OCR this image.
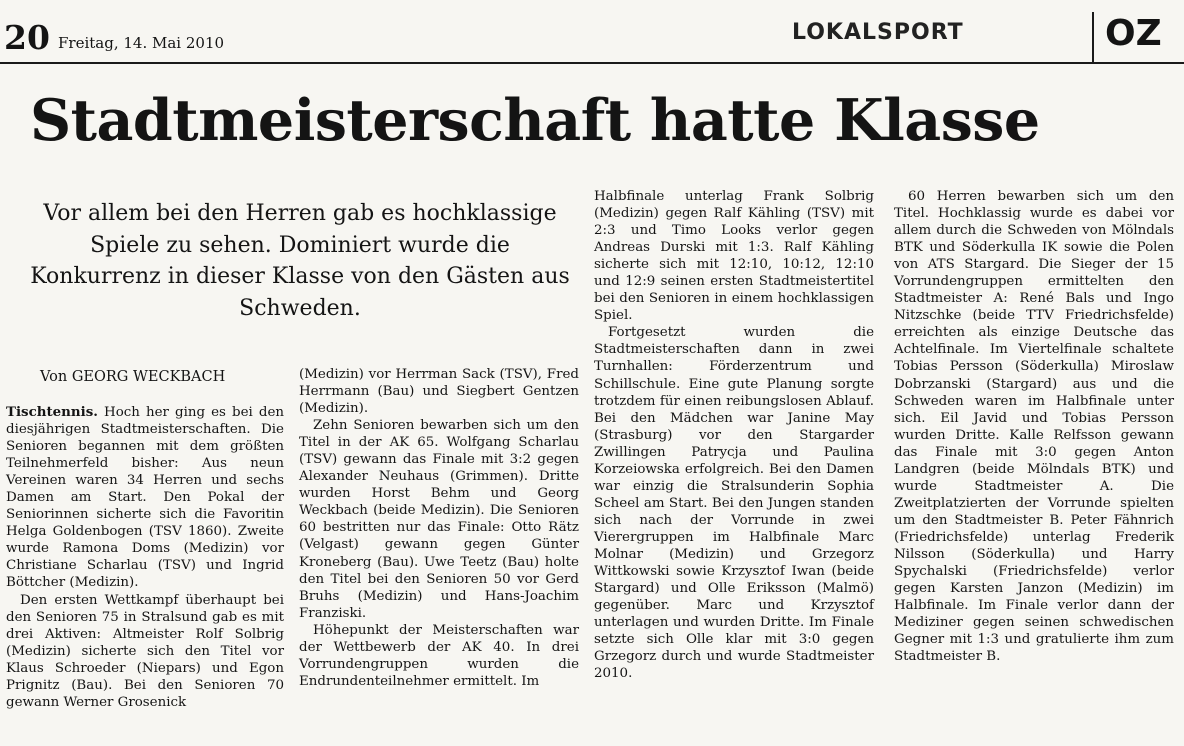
20 Freitag, 14. Mai 2010	LOKALSPORT	OZ
Stadtmeisterschaft hatte Klasse
Vor allem bei den Herren gab es hochklassige Spiele zu sehen. Dominiert wurde die Konkurrenz in dieser Klasse von den Gästen aus Schweden.
Von GEORG WECKBACH

Tischtennis. Hoch her ging es bei den diesjährigen Stadtmeisterschaften. Die Senioren begannen mit dem größten Teilnehmerfeld bisher: Aus neun Vereinen waren 34 Herren und sechs Damen am Start. Den Pokal der Seniorinnen sicherte sich die Favoritin Helga Goldenbogen (TSV 1860). Zweite wurde Ramona Doms (Medizin) vor Christiane Scharlau (TSV) und Ingrid Böttcher (Medizin).

Den ersten Wettkampf überhaupt bei den Senioren 75 in Stralsund gab es mit drei Aktiven: Altmeister Rolf Solbrig (Medizin) sicherte sich den Titel vor Klaus Schroeder (Niepars) und Egon Prignitz (Bau). Bei den Senioren 70 gewann Werner Grosenick

(Medizin) vor Herrman Sack (TSV), Fred Herrmann (Bau) und Siegbert Gentzen (Medizin).

Zehn Senioren bewarben sich um den Titel in der AK 65. Wolfgang Scharlau (TSV) gewann das Finale mit 3:2 gegen Alexander Neuhaus (Grimmen). Dritte wurden Horst Behm und Georg Weckbach (beide Medizin). Die Senioren 60 bestritten nur das Finale: Otto Rätz (Velgast) gewann gegen Günter Kroneberg (Bau). Uwe Teetz (Bau) holte den Titel bei den Senioren 50 vor Gerd Bruhs (Medizin) und Hans-Joachim Franziski.

Höhepunkt der Meisterschaften war der Wettbewerb der AK 40. In drei Vorrundengruppen wurden die Endrundenteilnehmer ermittelt. Im

Halbfinale unterlag Frank Solbrig (Medizin) gegen Ralf Kähling (TSV) mit 2:3 und Timo Looks verlor gegen Andreas Durski mit 1:3. Ralf Kähling sicherte sich mit 12:10, 10:12, 12:10 und 12:9 seinen ersten Stadtmeistertitel bei den Senioren in einem hochklassigen Spiel.

Fortgesetzt wurden die Stadtmeisterschaften dann in zwei Turnhallen: Förderzentrum und Schillschule. Eine gute Planung sorgte trotzdem für einen reibungslosen Ablauf. Bei den Mädchen war Janine May (Strasburg) vor den Stargarder Zwillingen Patrycja und Paulina Korzeiowska erfolgreich. Bei den Damen war einzig die Stralsunderin Sophia Scheel am Start. Bei den Jungen standen sich nach der Vorrunde in zwei Vierergruppen im Halbfinale Marc Molnar (Medizin) und Grzegorz Wittkowski sowie Krzysztof Iwan (beide Stargard) und Olle Eriksson (Malmö) gegenüber. Marc und Krzysztof unterlagen und wurden Dritte. Im Finale setzte sich Olle klar mit 3:0 gegen Grzegorz durch und wurde Stadtmeister 2010.

60 Herren bewarben sich um den Titel. Hochklassig wurde es dabei vor allem durch die Schweden von Mölndals BTK und Söderkulla IK sowie die Polen von ATS Stargard. Die Sieger der 15 Vorrundengruppen ermittelten den Stadtmeister A: René Bals und Ingo Nitzschke (beide TTV Friedrichsfelde) erreichten als einzige Deutsche das Achtelfinale. Im Viertelfinale schaltete Tobias Persson (Söderkulla) Miroslaw Dobrzanski (Stargard) aus und die Schweden waren im Halbfinale unter sich. Eil Javid und Tobias Persson wurden Dritte. Kalle Relfsson gewann das Finale mit 3:0 gegen Anton Landgren (beide Mölndals BTK) und wurde Stadtmeister A. Die Zweitplatzierten der Vorrunde spielten um den Stadtmeister B. Peter Fähnrich (Friedrichsfelde) unterlag Frederik Nilsson (Söderkulla) und Harry Spychalski (Friedrichsfelde) verlor gegen Karsten Janzon (Medizin) im Halbfinale. Im Finale verlor dann der Mediziner gegen seinen schwedischen Gegner mit 1:3 und gratulierte ihm zum Stadtmeister B.
